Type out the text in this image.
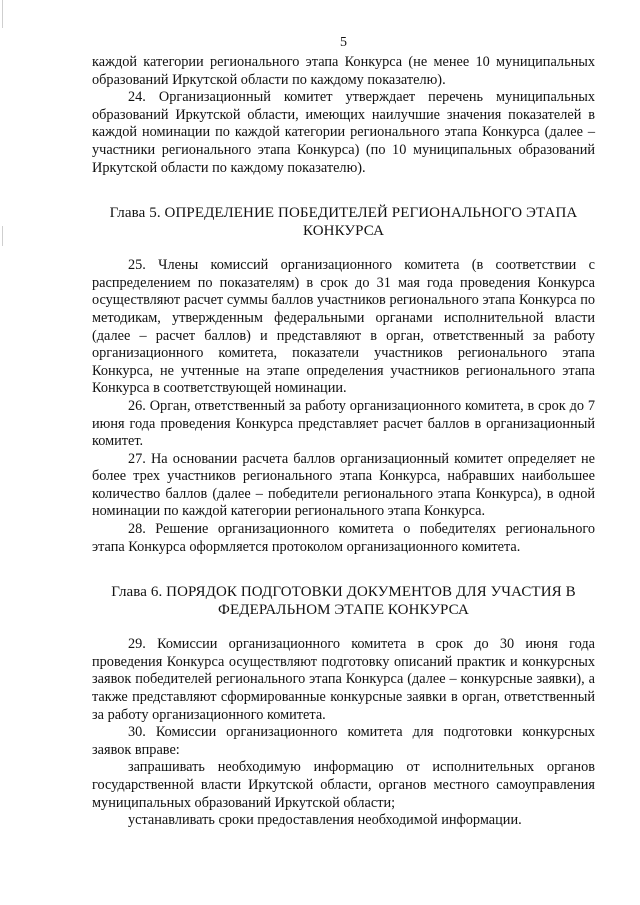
5

каждой категории регионального этапа Конкурса (не менее 10 муниципальных образований Иркутской области по каждому показателю).

24. Организационный комитет утверждает перечень муниципальных образований Иркутской области, имеющих наилучшие значения показателей в каждой номинации по каждой категории регионального этапа Конкурса (далее – участники регионального этапа Конкурса) (по 10 муниципальных образований Иркутской области по каждому показателю).

Глава 5. ОПРЕДЕЛЕНИЕ ПОБЕДИТЕЛЕЙ РЕГИОНАЛЬНОГО ЭТАПА
КОНКУРСА

25. Члены комиссий организационного комитета (в соответствии с распределением по показателям) в срок до 31 мая года проведения Конкурса осуществляют расчет суммы баллов участников регионального этапа Конкурса по методикам, утвержденным федеральными органами исполнительной власти (далее – расчет баллов) и представляют в орган, ответственный за работу организационного комитета, показатели участников регионального этапа Конкурса, не учтенные на этапе определения участников регионального этапа Конкурса в соответствующей номинации.

26. Орган, ответственный за работу организационного комитета, в срок до 7 июня года проведения Конкурса представляет расчет баллов в организационный комитет.

27. На основании расчета баллов организационный комитет определяет не более трех участников регионального этапа Конкурса, набравших наибольшее количество баллов (далее – победители регионального этапа Конкурса), в одной номинации по каждой категории регионального этапа Конкурса.

28. Решение организационного комитета о победителях регионального этапа Конкурса оформляется протоколом организационного комитета.

Глава 6. ПОРЯДОК ПОДГОТОВКИ ДОКУМЕНТОВ ДЛЯ УЧАСТИЯ В
ФЕДЕРАЛЬНОМ ЭТАПЕ КОНКУРСА

29. Комиссии организационного комитета в срок до 30 июня года проведения Конкурса осуществляют подготовку описаний практик и конкурсных заявок победителей регионального этапа Конкурса (далее – конкурсные заявки), а также представляют сформированные конкурсные заявки в орган, ответственный за работу организационного комитета.

30. Комиссии организационного комитета для подготовки конкурсных заявок вправе:

запрашивать необходимую информацию от исполнительных органов государственной власти Иркутской области, органов местного самоуправления муниципальных образований Иркутской области;

устанавливать сроки предоставления необходимой информации.
